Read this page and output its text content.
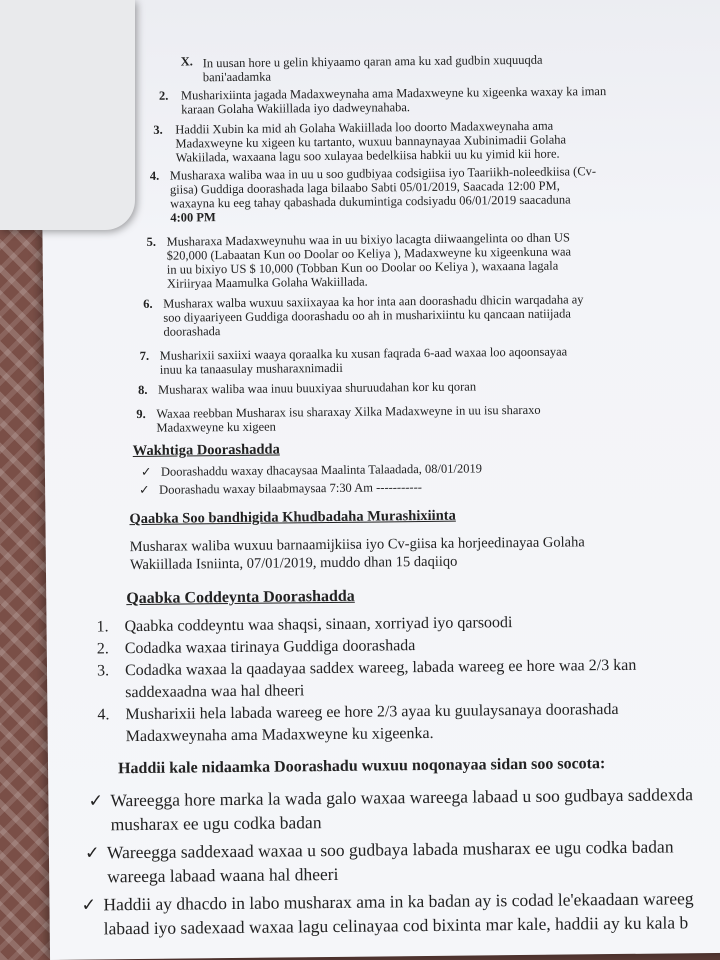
X. In uusan hore u gelin khiyaamo qaran ama ku xad gudbin xuquuqda
bani'aadamka
2. Musharixiinta jagada Madaxweynaha ama Madaxweyne ku xigeenka waxay ka iman
karaan Golaha Wakiillada iyo dadweynahaba.
3. Haddii Xubin ka mid ah Golaha Wakiillada loo doorto Madaxweynaha ama
Madaxweyne ku xigeen ku tartanto, wuxuu bannaynayaa Xubinimadii Golaha
Wakiilada, waxaana lagu soo xulayaa bedelkiisa habkii uu ku yimid kii hore.
4. Musharaxa waliba waa in uu u soo gudbiyaa codsigiisa iyo Taariikh-noleedkiisa (Cv-
giisa) Guddiga doorashada laga bilaabo Sabti 05/01/2019, Saacada 12:00 PM,
waxayna ku eeg tahay qabashada dukumintiga codsiyadu 06/01/2019 saacaduna
4:00 PM
5. Musharaxa Madaxweynuhu waa in uu bixiyo lacagta diiwaangelinta oo dhan US
$20,000 (Labaatan Kun oo Doolar oo Keliya ), Madaxweyne ku xigeenkuna waa
in uu bixiyo US $ 10,000 (Tobban Kun oo Doolar oo Keliya ), waxaana lagala
Xiriiryaa Maamulka Golaha Wakiillada.
6. Musharax walba wuxuu saxiixayaa ka hor inta aan doorashadu dhicin warqadaha ay
soo diyaariyeen Guddiga doorashadu oo ah in musharixiintu ku qancaan natiijada
doorashada
7. Musharixii saxiixi waaya qoraalka ku xusan faqrada 6-aad waxaa loo aqoonsayaa
inuu ka tanaasulay musharaxnimadii
8. Musharax waliba waa inuu buuxiyaa shuruudahan kor ku qoran
9. Waxaa reebban Musharax isu sharaxay Xilka Madaxweyne in uu isu sharaxo
Madaxweyne ku xigeen
Wakhtiga Doorashadda
✓ Doorashaddu waxay dhacaysaa Maalinta Talaadada, 08/01/2019
✓ Doorashadu waxay bilaabmaysaa 7:30 Am -----------
Qaabka Soo bandhigida Khudbadaha Murashixiinta
Musharax waliba wuxuu barnaamijkiisa iyo Cv-giisa ka horjeedinayaa Golaha
Wakiillada Isniinta, 07/01/2019, muddo dhan 15 daqiiqo
Qaabka Coddeynta Doorashadda
1. Qaabka coddeyntu waa shaqsi, sinaan, xorriyad iyo qarsoodi
2. Codadka waxaa tirinaya Guddiga doorashada
3. Codadka waxaa la qaadayaa saddex wareeg, labada wareeg ee hore waa 2/3 kan
saddexaadna waa hal dheeri
4. Musharixii hela labada wareeg ee hore 2/3 ayaa ku guulaysanaya doorashada
Madaxweynaha ama Madaxweyne ku xigeenka.
Haddii kale nidaamka Doorashadu wuxuu noqonayaa sidan soo socota:
✓ Wareegga hore marka la wada galo waxaa wareega labaad u soo gudbaya saddexda
musharax ee ugu codka badan
✓ Wareegga saddexaad waxaa u soo gudbaya labada musharax ee ugu codka badan
wareega labaad waana hal dheeri
✓ Haddii ay dhacdo in labo musharax ama in ka badan ay is codad le'ekaadaan wareeg
labaad iyo sadexaad waxaa lagu celinayaa cod bixinta mar kale, haddii ay ku kala b
